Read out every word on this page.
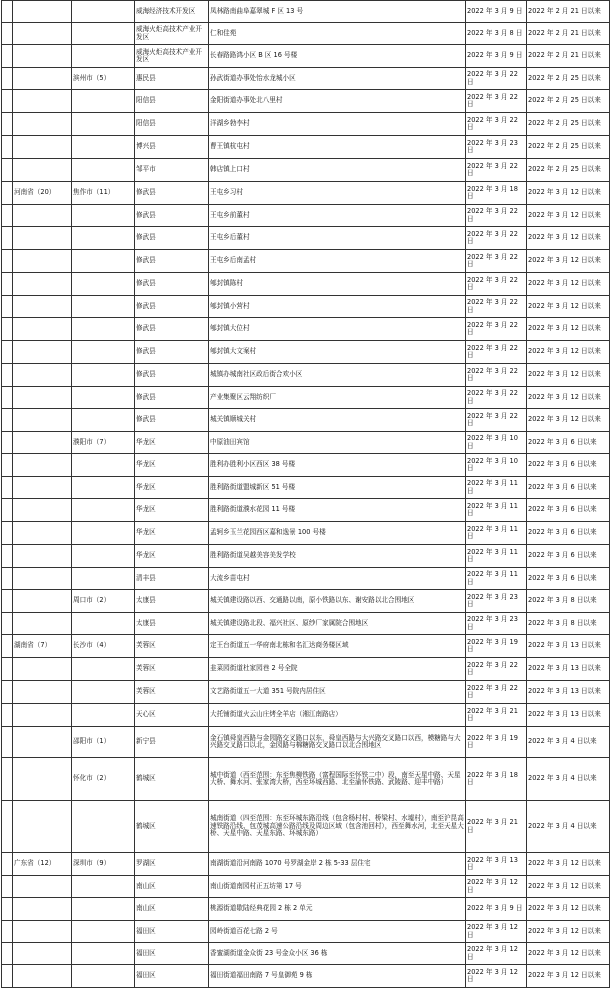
			威海经济技术开发区	凤林路南曲阜嘉翠城 F 区 13 号	2022 年 3 月 9 日	2022 年 2 月 21 日以来
			威海火炬高技术产业开发区	仁和佳苑	2022 年 3 月 8 日	2022 年 2 月 21 日以来
			威海火炬高技术产业开发区	长春路路鸿小区 B 区 16 号楼	2022 年 3 月 9 日	2022 年 2 月 21 日以来
		滨州市（5）	惠民县	孙武街道办事处怡水龙城小区	2022 年 3 月 22 日	2022 年 2 月 25 日以来
			阳信县	金阳街道办事处北八里村	2022 年 3 月 22 日	2022 年 2 月 25 日以来
			阳信县	洋湖乡勃李村	2022 年 3 月 22 日	2022 年 2 月 25 日以来
			博兴县	曹王镇杭屯村	2022 年 3 月 23 日	2022 年 2 月 25 日以来
			邹平市	韩店镇上口村	2022 年 3 月 22 日	2022 年 2 月 25 日以来
	河南省（20）	焦作市（11）	修武县	王屯乡习村	2022 年 3 月 18 日	2022 年 3 月 12 日以来
			修武县	王屯乡前董村	2022 年 3 月 22 日	2022 年 3 月 12 日以来
			修武县	王屯乡后董村	2022 年 3 月 22 日	2022 年 3 月 12 日以来
			修武县	王屯乡后南孟村	2022 年 3 月 22 日	2022 年 3 月 12 日以来
			修武县	郇封镇陈村	2022 年 3 月 22 日	2022 年 3 月 12 日以来
			修武县	郇封镇小营村	2022 年 3 月 22 日	2022 年 3 月 12 日以来
			修武县	郇封镇大位村	2022 年 3 月 22 日	2022 年 3 月 12 日以来
			修武县	郇封镇大文案村	2022 年 3 月 22 日	2022 年 3 月 12 日以来
			修武县	城镇办城南社区政后街合欢小区	2022 年 3 月 22 日	2022 年 3 月 12 日以来
			修武县	产业集聚区云翔纺织厂	2022 年 3 月 22 日	2022 年 3 月 12 日以来
			修武县	城关镇顺城关村	2022 年 3 月 22 日	2022 年 3 月 12 日以来
		濮阳市（7）	华龙区	中原油田宾馆	2022 年 3 月 10 日	2022 年 3 月 6 日以来
			华龙区	胜利办胜利小区西区 38 号楼	2022 年 3 月 10 日	2022 年 3 月 6 日以来
			华龙区	胜利路街道盟城新区 51 号楼	2022 年 3 月 11 日	2022 年 3 月 6 日以来
			华龙区	胜利路街道濮水花园 11 号楼	2022 年 3 月 11 日	2022 年 3 月 6 日以来
			华龙区	孟轲乡玉兰花园西区嘉和逸景 100 号楼	2022 年 3 月 11 日	2022 年 3 月 6 日以来
			华龙区	胜利路街道吴越美容美发学校	2022 年 3 月 11 日	2022 年 3 月 6 日以来
			清丰县	大流乡苗屯村	2022 年 3 月 11 日	2022 年 3 月 6 日以来
		周口市（2）	太康县	城关镇建设路以西、交通路以南，原小铁路以东、谢安路以北合围地区	2022 年 3 月 23 日	2022 年 3 月 8 日以来
			太康县	城关镇建设路北段、福兴社区、原纱厂家属院合围地区	2022 年 3 月 23 日	2022 年 3 月 8 日以来
	湖南省（7）	长沙市（4）	芙蓉区	定王台街道五一华府南北栋和名汇达商务楼区域	2022 年 3 月 19 日	2022 年 3 月 13 日以来
			芙蓉区	韭菜园街道杜家园巷 2 号全院	2022 年 3 月 22 日	2022 年 3 月 13 日以来
			芙蓉区	文艺路街道五一大道 351 号院内居住区	2022 年 3 月 22 日	2022 年 3 月 13 日以来
			天心区	大托铺街道火云山庄烤全羊店（湘江南路店）	2022 年 3 月 21 日	2022 年 3 月 13 日以来
		邵阳市（1）	新宁县	金石镇舜皇西路与金园路交叉路口以东，舜皇西路与大兴路交叉路口以西，模糖路与大兴路交叉路口以北，金园路与棉糖路交叉路口以北合围地区	2022 年 3 月 19 日	2022 年 3 月 4 日以来
		怀化市（2）	鹤城区	城中街道（西至范围：东至焦柳铁路（富程国际至怀铁二中）段，南至天星中路、天星大桥、舞水河、张家湾大桥，西至环城西路、北至渝怀铁路、武陵路、迎丰中路）	2022 年 3 月 18 日	2022 年 3 月 4 日以来
			鹤城区	城南街道（四至范围：东至环城东路沿线（包含杨村村、桥梁村、水墟村），南至沪昆高速铁路沿线、包茂城高速公路沿线及周边区域（包含池回村），西至舞水河，北至天星大桥、天星中路、天星东路、环城东路）	2022 年 3 月 21 日	2022 年 3 月 4 日以来
	广东省（12）	深圳市（9）	罗湖区	南湖街道沿河南路 1070 号罗湖金岸 2 栋 5-33 层住宅	2022 年 3 月 13 日	2022 年 3 月 12 日以来
			南山区	南山街道南园村正五坊第 17 号	2022 年 3 月 12 日	2022 年 3 月 12 日以来
			南山区	桃源街道歇陆经典花园 2 栋 2 单元	2022 年 3 月 9 日	2022 年 3 月 12 日以来
			福田区	园岭街道百花七路 2 号	2022 年 3 月 12 日	2022 年 3 月 12 日以来
			福田区	香蜜湖街道金众街 23 号金众小区 36 栋	2022 年 3 月 12 日	2022 年 3 月 12 日以来
			福田区	福田街道福田南路 7 号皇御苑 9 栋	2022 年 3 月 12 日	2022 年 3 月 12 日以来
